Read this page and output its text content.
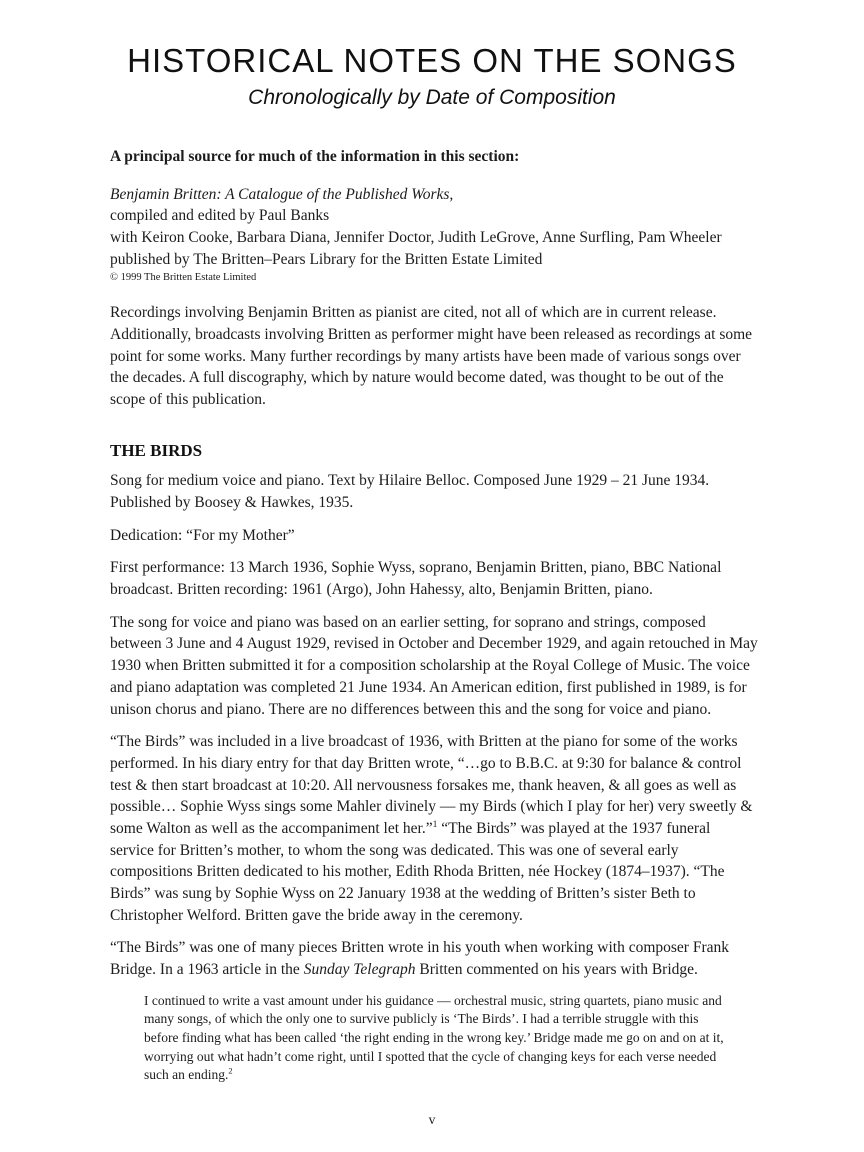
HISTORICAL NOTES ON THE SONGS
Chronologically by Date of Composition

A principal source for much of the information in this section:

Benjamin Britten: A Catalogue of the Published Works,

compiled and edited by Paul Banks

with Keiron Cooke, Barbara Diana, Jennifer Doctor, Judith LeGrove, Anne Surfling, Pam Wheeler

published by The Britten–Pears Library for the Britten Estate Limited

© 1999 The Britten Estate Limited

Recordings involving Benjamin Britten as pianist are cited, not all of which are in current release. Additionally, broadcasts involving Britten as performer might have been released as recordings at some point for some works. Many further recordings by many artists have been made of various songs over the decades. A full discography, which by nature would become dated, was thought to be out of the scope of this publication.

THE BIRDS

Song for medium voice and piano. Text by Hilaire Belloc. Composed June 1929 – 21 June 1934. Published by Boosey & Hawkes, 1935.

Dedication: “For my Mother”

First performance: 13 March 1936, Sophie Wyss, soprano, Benjamin Britten, piano, BBC National broadcast. Britten recording: 1961 (Argo), John Hahessy, alto, Benjamin Britten, piano.

The song for voice and piano was based on an earlier setting, for soprano and strings, composed between 3 June and 4 August 1929, revised in October and December 1929, and again retouched in May 1930 when Britten submitted it for a composition scholarship at the Royal College of Music. The voice and piano adaptation was completed 21 June 1934. An American edition, first published in 1989, is for unison chorus and piano. There are no differences between this and the song for voice and piano.

“The Birds” was included in a live broadcast of 1936, with Britten at the piano for some of the works performed. In his diary entry for that day Britten wrote, “…go to B.B.C. at 9:30 for balance & control test & then start broadcast at 10:20. All nervousness forsakes me, thank heaven, & all goes as well as possible… Sophie Wyss sings some Mahler divinely — my Birds (which I play for her) very sweetly & some Walton as well as the accompaniment let her.”$^1$ “The Birds” was played at the 1937 funeral service for Britten’s mother, to whom the song was dedicated. This was one of several early compositions Britten dedicated to his mother, Edith Rhoda Britten, née Hockey (1874–1937). “The Birds” was sung by Sophie Wyss on 22 January 1938 at the wedding of Britten’s sister Beth to Christopher Welford. Britten gave the bride away in the ceremony.

“The Birds” was one of many pieces Britten wrote in his youth when working with composer Frank Bridge. In a 1963 article in the Sunday Telegraph Britten commented on his years with Bridge.

I continued to write a vast amount under his guidance — orchestral music, string quartets, piano music and many songs, of which the only one to survive publicly is ‘The Birds’. I had a terrible struggle with this before finding what has been called ‘the right ending in the wrong key.’ Bridge made me go on and on at it, worrying out what hadn’t come right, until I spotted that the cycle of changing keys for each verse needed such an ending.$^2$
v
